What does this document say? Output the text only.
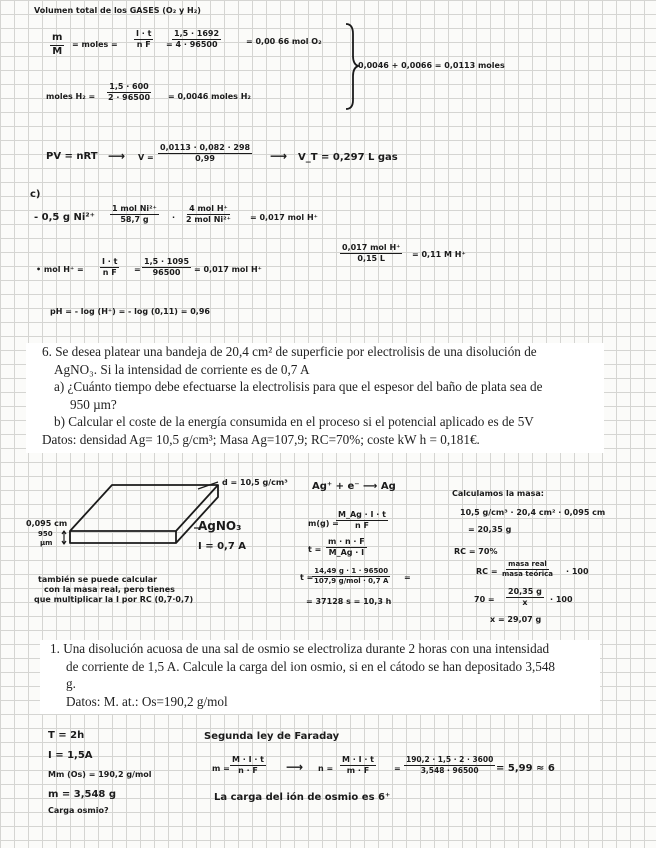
Volumen total de los GASES (O₂ y H₂)
$\frac{m}{M}$ = moles = $\frac{I \cdot t}{\text{n F}} = \frac{1,5 \cdot 1692}{4 \cdot 96500}$	= 0,00 66 mol O₂
moles $H_2 = \frac{1,5 \cdot 600}{2 \cdot 96500} = 0,0046$ moles H₂
0,0046 + 0,0066 = 0,0113 moles
PV = nRT ⟶ $V = \frac{0,0113 \cdot 0,082 \cdot 298}{0,99}$ ⟶ V_T = 0,297 L gas
c)
- 0,5 g Ni²⁺
1 mol Ni²⁺
58,7 g	·
4 mol H⁺
2 mol Ni²⁺ = 0,017 mol H⁺
0,017 mol H⁺
0,15 L	= 0,11 M H⁺
• mol $H^+ = \frac{I \cdot t}{\text{n F}} = \frac{1,5 \cdot 1095}{96500} = 0,017$ mol H⁺
pH = - log (H⁺) = - log (0,11) = 0,96

6. Se desea platear una bandeja de 20,4 cm² de superficie por electrolisis de una disolución de

AgNO₃. Si la intensidad de corriente es de 0,7 A

a) ¿Cuánto tiempo debe efectuarse la electrolisis para que el espesor del baño de plata sea de

950 µm?

b) Calcular el coste de la energía consumida en el proceso si el potencial aplicado es de 5V

Datos: densidad Ag= 10,5 g/cm³; Masa Ag=107,9; RC=70%; coste kW h = 0,181€.

d = 10,5 g/cm³
0,095 cm
950
µm
AgNO₃
I = 0,7 A
también se puede calcular
con la masa real, pero tienes
que multiplicar la I por RC (0,7·0,7)
Ag⁺ + e⁻ ⟶ Ag
m(g) =
$\frac{M\_Ag \cdot I \cdot t}{\text{n F}}$
$t = \frac{m \cdot n \cdot F}{M\_Ag \cdot I}$
t =
14,49 g · 1 · 96500
107,9 g/mol · 0,7 A =
= 37128 s = 10,3 h
Calculamos la masa:
10,5 g/cm³ · 20,4 cm² · 0,095 cm
= 20,35 g
RC = 70%
RC =
masa real
masa teórica · 100
$70 = \frac{20,35 g}{x} \cdot 100$
x = 29,07 g

1. Una disolución acuosa de una sal de osmio se electroliza durante 2 horas con una intensidad

de corriente de 1,5 A. Calcule la carga del ion osmio, si en el cátodo se han depositado 3,548

g.

Datos: M. at.: Os=190,2 g/mol

T = 2h
I = 1,5A
Mm (Os) = 190,2 g/mol
m = 3,548 g
Carga osmio?
Segunda ley de Faraday
$m = \frac{M \cdot I \cdot t}{n \cdot F}$ ⟶ $n = \frac{M \cdot I \cdot t}{m \cdot F} = \frac{190,2 \cdot 1,5 \cdot 2 \cdot 3600}{3,548 \cdot 96500} = 5,99 \approx 6$
La carga del ión de osmio es 6⁺
